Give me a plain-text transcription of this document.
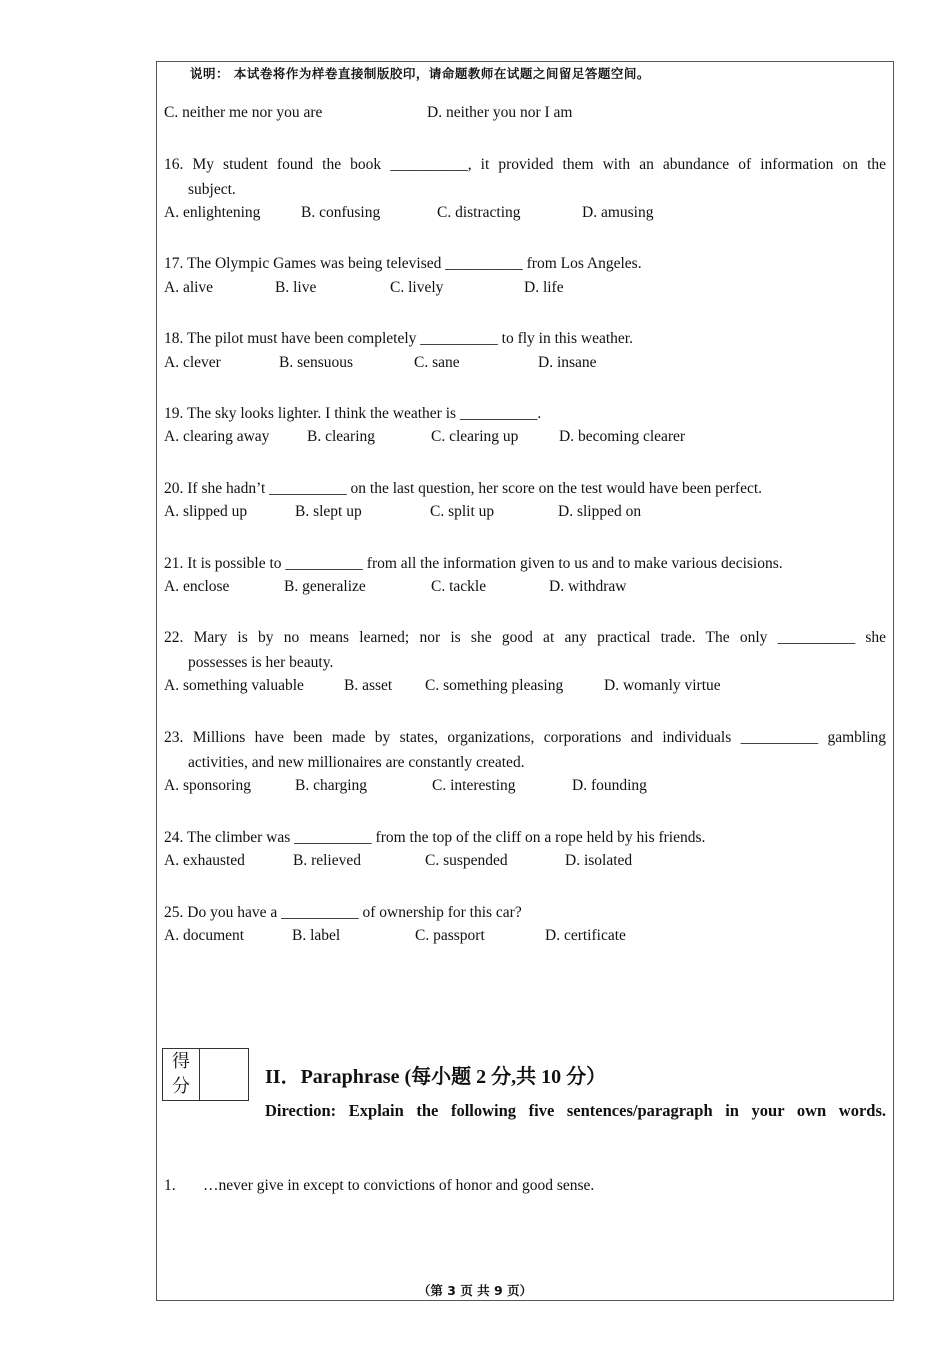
说明： 本试卷将作为样卷直接制版胶印，请命题教师在试题之间留足答题空间。
C. neither me nor you are	D. neither you nor I am
16. My student found the book __________, it provided them with an abundance of information on the
subject.
A. enlightening	B. confusing	C. distracting	D. amusing
17. The Olympic Games was being televised __________ from Los Angeles.
A. alive	B. live	C. lively	D. life
18. The pilot must have been completely __________ to fly in this weather.
A. clever	B. sensuous	C. sane	D. insane
19. The sky looks lighter. I think the weather is __________.
A. clearing away B. clearing	C. clearing up	D. becoming clearer
20. If she hadn’t __________ on the last question, her score on the test would have been perfect.
A. slipped up	B. slept up	C. split up	D. slipped on
21. It is possible to __________ from all the information given to us and to make various decisions.
A. enclose	B. generalize	C. tackle	D. withdraw
22. Mary is by no means learned; nor is she good at any practical trade. The only __________ she
possesses is her beauty.
A. something valuable	B. asset C. something pleasing	D. womanly virtue
23. Millions have been made by states, organizations, corporations and individuals __________ gambling
activities, and new millionaires are constantly created.
A. sponsoring	B. charging	C. interesting	D. founding
24. The climber was __________ from the top of the cliff on a rope held by his friends.
A. exhausted	B. relieved	C. suspended	D. isolated
25. Do you have a __________ of ownership for this car?
A. document	B. label	C. passport	D. certificate
得
分	II．Paraphrase (每小题 2 分,共 10 分）
Direction: Explain the following five sentences/paragraph in your own words.
1. …never give in except to convictions of honor and good sense.
（第 3 页 共 9 页）
